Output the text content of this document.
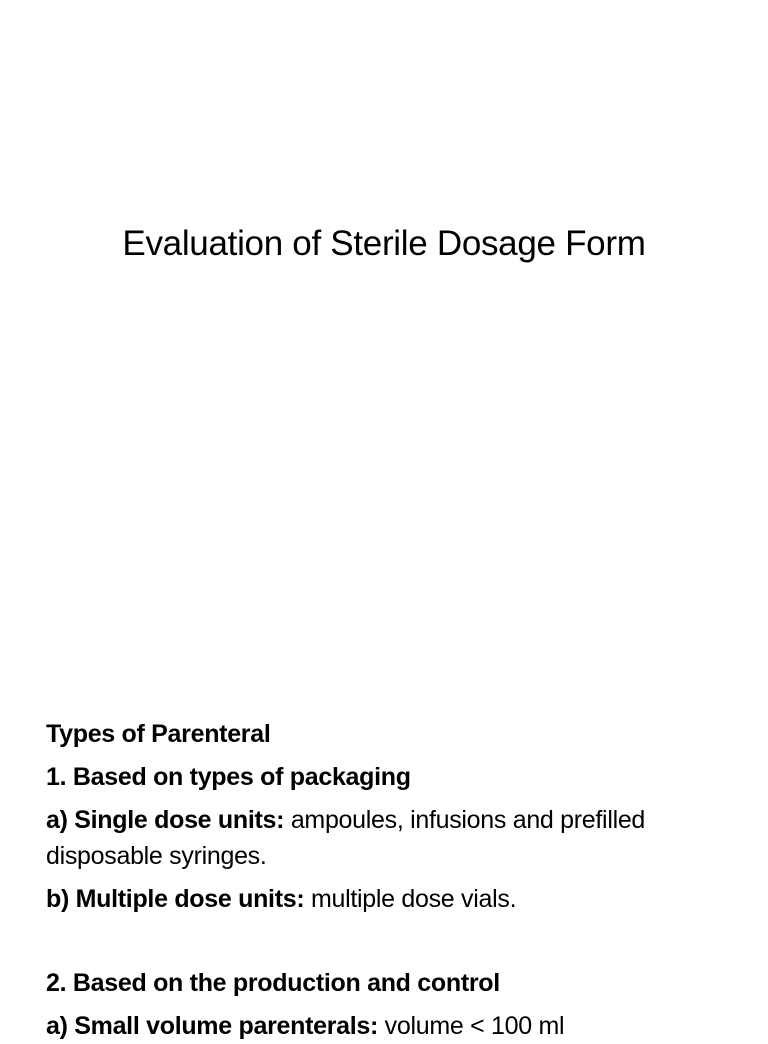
Evaluation of Sterile Dosage Form

Types of Parenteral

1. Based on types of packaging

a) Single dose units: ampoules, infusions and prefilled disposable syringes.

b) Multiple dose units: multiple dose vials.

2. Based on the production and control

a) Small volume parenterals: volume < 100 ml
